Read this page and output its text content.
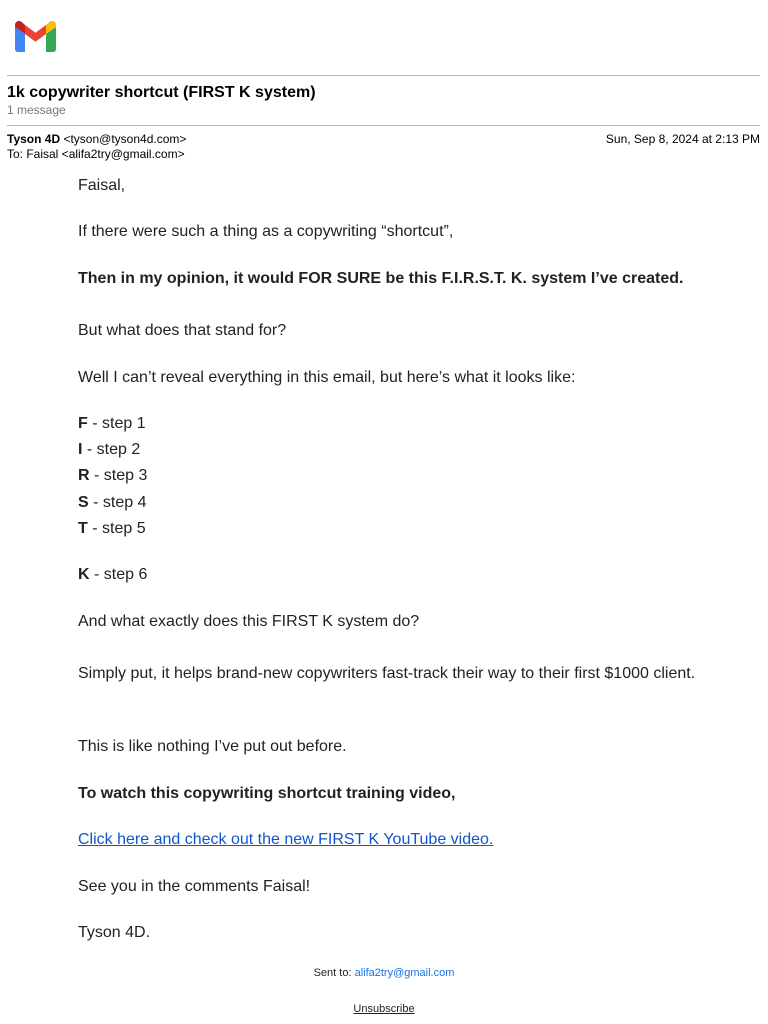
1k copywriter shortcut (FIRST K system)
1 message
Tyson 4D <tyson@tyson4d.com>
To: Faisal <alifa2try@gmail.com>
Sun, Sep 8, 2024 at 2:13 PM
Faisal,
If there were such a thing as a copywriting “shortcut”,
Then in my opinion, it would FOR SURE be this F.I.R.S.T. K. system I’ve created.
But what does that stand for?
Well I can’t reveal everything in this email, but here’s what it looks like:
F - step 1
I - step 2
R - step 3
S - step 4
T - step 5
K - step 6
And what exactly does this FIRST K system do?
Simply put, it helps brand-new copywriters fast-track their way to their first $1000 client.
This is like nothing I’ve put out before.
To watch this copywriting shortcut training video,
Click here and check out the new FIRST K YouTube video.
See you in the comments Faisal!
Tyson 4D.
Sent to: alifa2try@gmail.com
Unsubscribe
